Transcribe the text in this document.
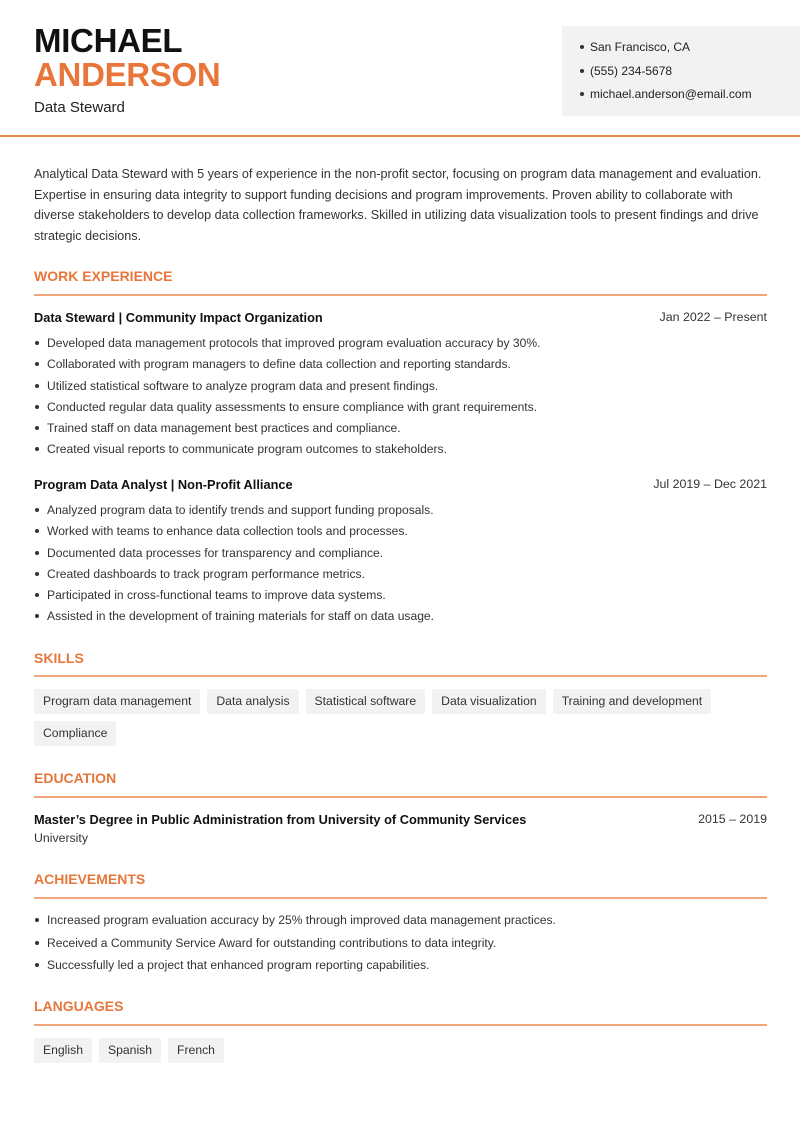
MICHAEL
ANDERSON
Data Steward
San Francisco, CA
(555) 234-5678
michael.anderson@email.com
Analytical Data Steward with 5 years of experience in the non-profit sector, focusing on program data management and evaluation. Expertise in ensuring data integrity to support funding decisions and program improvements. Proven ability to collaborate with diverse stakeholders to develop data collection frameworks. Skilled in utilizing data visualization tools to present findings and drive strategic decisions.
WORK EXPERIENCE
Data Steward | Community Impact Organization	Jan 2022 – Present
Developed data management protocols that improved program evaluation accuracy by 30%.
Collaborated with program managers to define data collection and reporting standards.
Utilized statistical software to analyze program data and present findings.
Conducted regular data quality assessments to ensure compliance with grant requirements.
Trained staff on data management best practices and compliance.
Created visual reports to communicate program outcomes to stakeholders.
Program Data Analyst | Non-Profit Alliance	Jul 2019 – Dec 2021
Analyzed program data to identify trends and support funding proposals.
Worked with teams to enhance data collection tools and processes.
Documented data processes for transparency and compliance.
Created dashboards to track program performance metrics.
Participated in cross-functional teams to improve data systems.
Assisted in the development of training materials for staff on data usage.
SKILLS
Program data management	Data analysis	Statistical software	Data visualization	Training and development
Compliance
EDUCATION
Master’s Degree in Public Administration from University of Community Services	2015 – 2019
University
ACHIEVEMENTS
Increased program evaluation accuracy by 25% through improved data management practices.
Received a Community Service Award for outstanding contributions to data integrity.
Successfully led a project that enhanced program reporting capabilities.
LANGUAGES
English	Spanish	French
